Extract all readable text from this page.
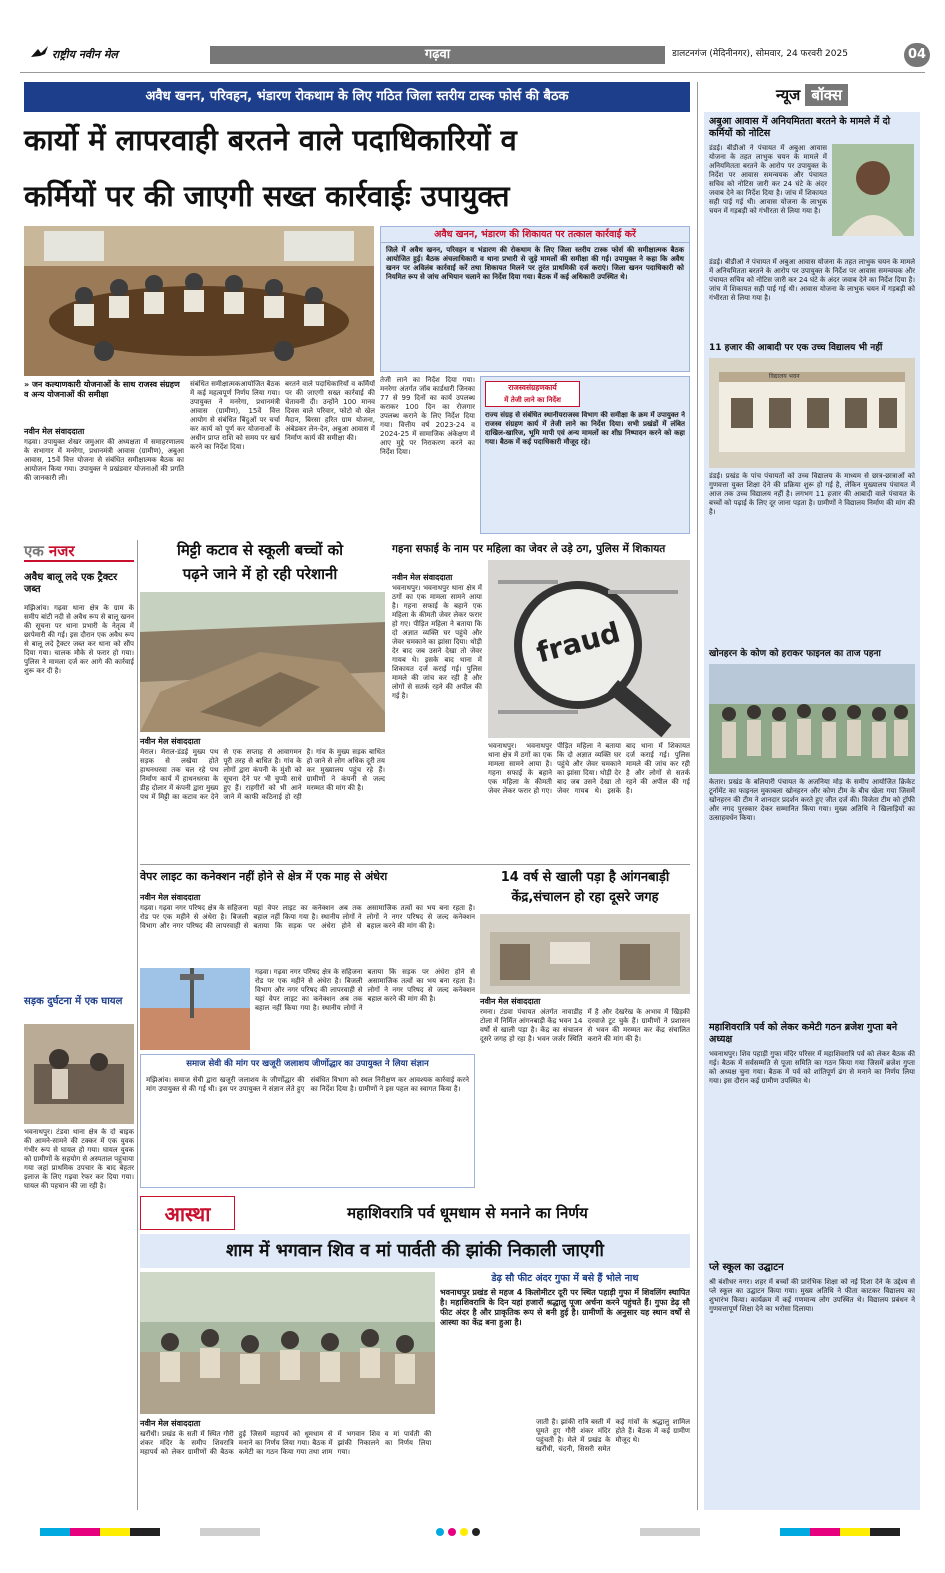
राष्ट्रीय नवीन मेल	गढ़वा	डालटनगंज (मेदिनीनगर), सोमवार, 24 फरवरी 2025	04
अवैध खनन, परिवहन, भंडारण रोकथाम के लिए गठित जिला स्तरीय टास्क फोर्स की बैठक
कार्यो में लापरवाही बरतने वाले पदाधिकारियों व
कर्मियों पर की जाएगी सख्त कार्रवाईः उपायुक्त
» जन कल्याणकारी योजनाओं के साथ राजस्व संग्रहण व अन्य योजनाओं की समीक्षा
नवीन मेल संवाददाता
गढ़वा। उपायुक्त शेखर जमुआर की अध्यक्षता में समाहरणालय के सभागार में मनरेगा, प्रधानमंत्री आवास (ग्रामीण), अबुआ आवास, 15वें वित्त योजना से संबंधित समीक्षात्मक बैठक का आयोजन किया गया। उपायुक्त ने प्रखंडवार योजनाओं की प्रगति की जानकारी ली।
संबंधित समीक्षात्मकआयोजित बैठक में कई महत्वपूर्ण निर्णय लिया गया। उपायुक्त ने मनरेगा, प्रधानमंत्री आवास (ग्रामीण), 15वें वित्त आयोग से संबंधित बिंदुओं पर चर्चा कर कार्य को पूर्ण कर योजनाओं के अधीन प्राप्त राशि को समय पर खर्च करने का निर्देश दिया।
बरतने वाले पदाधिकारियों व कर्मियों पर की जाएगी सख्त कार्रवाई की चेतावनी दी। उन्होंने 100 मानव दिवस वाले परिवार, फोटो वो खेल मैदान, बिरसा हरित ग्राम योजना, अंबेडकर लेन-देन, अबुआ आवास में निर्माण कार्य की समीक्षा की।
अवैध खनन, भंडारण की शिकायत पर तत्काल कार्रवाई करें
जिले में अवैध खनन, परिवहन व भंडारण की रोकथाम के लिए जिला स्तरीय टास्क फोर्स की समीक्षात्मक बैठक आयोजित हुई। बैठक अंचलाधिकारी व थाना प्रभारी से जुड़े मामलों की समीक्षा की गई। उपायुक्त ने कहा कि अवैध खनन पर अविलंब कार्रवाई करें तथा शिकायत मिलने पर तुरंत प्राथमिकी दर्ज कराएं। जिला खनन पदाधिकारी को नियमित रूप से जांच अभियान चलाने का निर्देश दिया गया। बैठक में कई अधिकारी उपस्थित थे।
तेजी लाने का निर्देश दिया गया। मनरेगा अंतर्गत जॉब कार्डधारी जिनका 77 से 99 दिनों का कार्य उपलब्ध कराकर 100 दिन का रोजगार उपलब्ध कराने के लिए निर्देश दिया गया। वित्तीय वर्ष 2023-24 व 2024-25 में सामाजिक अंकेक्षण में आए मुद्दे पर निराकरण करने का निर्देश दिया।
राजस्वसंग्रहणकार्य
में तेजी लाने का निर्देश
राज्य संग्रह से संबंधित स्थानीयराजस्व विभाग की समीक्षा के क्रम में उपायुक्त ने राजस्व संग्रहण कार्य में तेजी लाने का निर्देश दिया। सभी प्रखंडों में लंबित दाखिल-खारिज, भूमि मापी एवं अन्य मामलों का शीघ्र निष्पादन करने को कहा गया। बैठक में कई पदाधिकारी मौजूद रहे।
एक नजर
अवैध बालू लदे एक ट्रैक्टर जब्त
मझिआंव। गढ़वा थाना क्षेत्र के ग्राम के समीप बांटी नदी से अवैध रूप से बालू खनन की सूचना पर थाना प्रभारी के नेतृत्व में छापेमारी की गई। इस दौरान एक अवैध रूप से बालू लदे ट्रैक्टर जब्त कर थाना को सौंप दिया गया। चालक मौके से फरार हो गया। पुलिस ने मामला दर्ज कर आगे की कार्रवाई शुरू कर दी है।
सड़क दुर्घटना में एक घायल
भवनाथपुर। टंडवा थाना क्षेत्र के दो बाइक की आमने-सामने की टक्कर में एक युवक गंभीर रूप से घायल हो गया। घायल युवक को ग्रामीणों के सहयोग से अस्पताल पहुंचाया गया जहां प्राथमिक उपचार के बाद बेहतर इलाज के लिए गढ़वा रेफर कर दिया गया। घायल की पहचान की जा रही है।
मिट्टी कटाव से स्कूली बच्चों को
पढ़ने जाने में हो रही परेशानी
नवीन मेल संवाददाता
मेराल। मेराल-डंडई मुख्य पथ सड़क से लखेया होते हाथनधरवा तक चल रहे पथ निर्माण कार्य में हाथनधरवा के डीह दोलार में कंपनी द्वारा मुख्य पथ में मिट्टी का कटाव कर देने से एक सप्ताह से आवागमन पूरी तरह से बाधित है। गांव के लोगों द्वारा कंपनी के मुंशी को सूचना देने पर भी चुप्पी साधे हुए हैं। राहगीरों को भी आने जाने में काफी कठिनाई हो रही है। गांव के मुख्य सड़क बाधित हो जाने से लोग अधिक दूरी तय कर मुख्यालय पहुंच रहे हैं। ग्रामीणों ने कंपनी से जल्द मरम्मत की मांग की है।
गहना सफाई के नाम पर महिला का जेवर ले उड़े ठग, पुलिस में शिकायत
नवीन मेल संवाददाता
भवनाथपुर। भवनाथपुर थाना क्षेत्र में ठगों का एक मामला सामने आया है। गहना सफाई के बहाने एक महिला के कीमती जेवर लेकर फरार हो गए। पीड़ित महिला ने बताया कि दो अज्ञात व्यक्ति घर पहुंचे और जेवर चमकाने का झांसा दिया। थोड़ी देर बाद जब उसने देखा तो जेवर गायब थे। इसके बाद थाना में शिकायत दर्ज कराई गई। पुलिस मामले की जांच कर रही है और लोगों से सतर्क रहने की अपील की गई है।
fraud
भवनाथपुर। भवनाथपुर थाना क्षेत्र में ठगों का एक मामला सामने आया है। गहना सफाई के बहाने एक महिला के कीमती जेवर लेकर फरार हो गए। पीड़ित महिला ने बताया कि दो अज्ञात व्यक्ति घर पहुंचे और जेवर चमकाने का झांसा दिया। थोड़ी देर बाद जब उसने देखा तो जेवर गायब थे। इसके बाद थाना में शिकायत दर्ज कराई गई। पुलिस मामले की जांच कर रही है और लोगों से सतर्क रहने की अपील की गई है।
वेपर लाइट का कनेक्शन नहीं होने से क्षेत्र में एक माह से अंधेरा
नवीन मेल संवाददाता
गढ़वा। गढ़वा नगर परिषद क्षेत्र के सहिजना रोड पर एक महीने से अंधेरा है। बिजली विभाग और नगर परिषद की लापरवाही से यहां वेपर लाइट का कनेक्शन अब तक बहाल नहीं किया गया है। स्थानीय लोगों ने बताया कि सड़क पर अंधेरा होने से असामाजिक तत्वों का भय बना रहता है। लोगों ने नगर परिषद से जल्द कनेक्शन बहाल करने की मांग की है।
गढ़वा। गढ़वा नगर परिषद क्षेत्र के सहिजना रोड पर एक महीने से अंधेरा है। बिजली विभाग और नगर परिषद की लापरवाही से यहां वेपर लाइट का कनेक्शन अब तक बहाल नहीं किया गया है। स्थानीय लोगों ने बताया कि सड़क पर अंधेरा होने से असामाजिक तत्वों का भय बना रहता है। लोगों ने नगर परिषद से जल्द कनेक्शन बहाल करने की मांग की है।
14 वर्ष से खाली पड़ा है आंगनबाड़ी
केंद्र,संचालन हो रहा दूसरे जगह
नवीन मेल संवाददाता
रमना। टंडवा पंचायत अंतर्गत नावाडीह टोला में निर्मित आंगनबाड़ी केंद्र भवन 14 वर्षों से खाली पड़ा है। केंद्र का संचालन दूसरे जगह हो रहा है। भवन जर्जर स्थिति में है और देखरेख के अभाव में खिड़की दरवाजे टूट चुके हैं। ग्रामीणों ने प्रशासन से भवन की मरम्मत कर केंद्र संचालित कराने की मांग की है।
समाज सेवी की मांग पर खजूरी जलाशय जीर्णोद्धार का उपायुक्त ने लिया संज्ञान
मझिआंव। समाज सेवी द्वारा खजूरी जलाशय के जीर्णोद्धार की मांग उपायुक्त से की गई थी। इस पर उपायुक्त ने संज्ञान लेते हुए संबंधित विभाग को स्थल निरीक्षण कर आवश्यक कार्रवाई करने का निर्देश दिया है। ग्रामीणों ने इस पहल का स्वागत किया है।
आस्था	महाशिवरात्रि पर्व धूमधाम से मनाने का निर्णय
शाम में भगवान शिव व मां पार्वती की झांकी निकाली जाएगी
डेढ़ सौ फीट अंदर गुफा में बसे हैं भोले नाथ
भवनाथपुर प्रखंड से महज 4 किलोमीटर दूरी पर स्थित पहाड़ी गुफा में शिवलिंग स्थापित है। महाशिवरात्रि के दिन यहां हजारों श्रद्धालु पूजा अर्चना करने पहुंचते हैं। गुफा डेढ़ सौ फीट अंदर है और प्राकृतिक रूप से बनी हुई है। ग्रामीणों के अनुसार यह स्थान वर्षों से आस्था का केंद्र बना हुआ है।
नवीन मेल संवाददाता
खरौंधी। प्रखंड के सती में स्थित गौरी शंकर मंदिर के समीप शिवरात्रि महापर्व को लेकर ग्रामीणों की बैठक हुई जिसमें महापर्व को धूमधाम से मनाने का निर्णय लिया गया। बैठक में कमेटी का गठन किया गया तथा शाम में भगवान शिव व मां पार्वती की झांकी निकालने का निर्णय लिया गया।
जाती है। झांकी रात्रि बस्ती में घूमते हुए गौरी शंकर मंदिर पहुंचती है। मेले में प्रखंड के खरौंधी, चंदनी, सिसरी समेत कई गांवों के श्रद्धालु शामिल होते हैं। बैठक में कई ग्रामीण मौजूद थे।
न्यूज बॉक्स
अबुआ आवास में अनियमितता बरतने के मामले में दो कर्मियों को नोटिस
डंडई। बीडीओ ने पंचायत में अबुआ आवास योजना के तहत लाभुक चयन के मामले में अनियमितता बरतने के आरोप पर उपायुक्त के निर्देश पर आवास समन्वयक और पंचायत सचिव को नोटिस जारी कर 24 घंटे के अंदर जवाब देने का निर्देश दिया है। जांच में शिकायत सही पाई गई थी। आवास योजना के लाभुक चयन में गड़बड़ी को गंभीरता से लिया गया है।
डंडई। बीडीओ ने पंचायत में अबुआ आवास योजना के तहत लाभुक चयन के मामले में अनियमितता बरतने के आरोप पर उपायुक्त के निर्देश पर आवास समन्वयक और पंचायत सचिव को नोटिस जारी कर 24 घंटे के अंदर जवाब देने का निर्देश दिया है। जांच में शिकायत सही पाई गई थी। आवास योजना के लाभुक चयन में गड़बड़ी को गंभीरता से लिया गया है।
11 हजार की आबादी पर एक उच्च विद्यालय भी नहीं
विद्यालय भवन
डंडई। प्रखंड के पांच पंचायतों को उच्च विद्यालय के माध्यम से छात्र-छात्राओं को गुणवत्ता युक्त शिक्षा देने की प्रक्रिया शुरू हो गई है, लेकिन मुख्यालय पंचायत में आज तक उच्च विद्यालय नहीं है। लगभग 11 हजार की आबादी वाले पंचायत के बच्चों को पढ़ाई के लिए दूर जाना पड़ता है। ग्रामीणों ने विद्यालय निर्माण की मांग की है।
खोनहरन के कोण को हराकर फाइनल का ताज पहना
केतार। प्रखंड के बलियारी पंचायत के अजनिया मोड़ के समीप आयोजित क्रिकेट टूर्नामेंट का फाइनल मुकाबला खोनहरन और कोण टीम के बीच खेला गया जिसमें खोनहरन की टीम ने शानदार प्रदर्शन करते हुए जीत दर्ज की। विजेता टीम को ट्रॉफी और नगद पुरस्कार देकर सम्मानित किया गया। मुख्य अतिथि ने खिलाड़ियों का उत्साहवर्धन किया।
महाशिवरात्रि पर्व को लेकर कमेटी गठन ब्रजेश गुप्ता बने अध्यक्ष
भवनाथपुर। शिव पहाड़ी गुफा मंदिर परिसर में महाशिवरात्रि पर्व को लेकर बैठक की गई। बैठक में सर्वसम्मति से पूजा समिति का गठन किया गया जिसमें ब्रजेश गुप्ता को अध्यक्ष चुना गया। बैठक में पर्व को शांतिपूर्ण ढंग से मनाने का निर्णय लिया गया। इस दौरान कई ग्रामीण उपस्थित थे।
प्ले स्कूल का उद्घाटन
श्री बंशीधर नगर। शहर में बच्चों की प्रारंभिक शिक्षा को नई दिशा देने के उद्देश्य से प्ले स्कूल का उद्घाटन किया गया। मुख्य अतिथि ने फीता काटकर विद्यालय का शुभारंभ किया। कार्यक्रम में कई गणमान्य लोग उपस्थित थे। विद्यालय प्रबंधन ने गुणवत्तापूर्ण शिक्षा देने का भरोसा दिलाया।
